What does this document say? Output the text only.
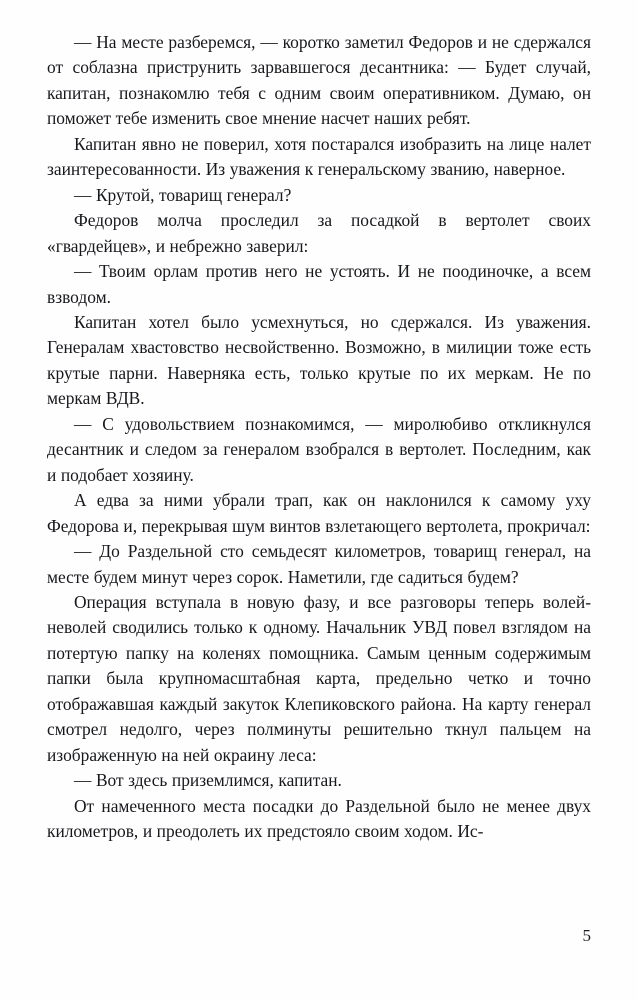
— На месте разберемся, — коротко заметил Федоров и не сдержался от соблазна приструнить зарвавшегося десантника: — Будет случай, капитан, познакомлю тебя с одним своим оперативником. Думаю, он поможет тебе изменить свое мнение насчет наших ребят.

Капитан явно не поверил, хотя постарался изобразить на лице налет заинтересованности. Из уважения к генеральскому званию, наверное.

— Крутой, товарищ генерал?

Федоров молча проследил за посадкой в вертолет своих «гвардейцев», и небрежно заверил:

— Твоим орлам против него не устоять. И не поодиночке, а всем взводом.

Капитан хотел было усмехнуться, но сдержался. Из уважения. Генералам хвастовство несвойственно. Возможно, в милиции тоже есть крутые парни. Наверняка есть, только крутые по их меркам. Не по меркам ВДВ.

— С удовольствием познакомимся, — миролюбиво откликнулся десантник и следом за генералом взобрался в вертолет. Последним, как и подобает хозяину.

А едва за ними убрали трап, как он наклонился к самому уху Федорова и, перекрывая шум винтов взлетающего вертолета, прокричал:

— До Раздельной сто семьдесят километров, товарищ генерал, на месте будем минут через сорок. Наметили, где садиться будем?

Операция вступала в новую фазу, и все разговоры теперь волей-неволей сводились только к одному. Начальник УВД повел взглядом на потертую папку на коленях помощника. Самым ценным содержимым папки была крупномасштабная карта, предельно четко и точно отображавшая каждый закуток Клепиковского района. На карту генерал смотрел недолго, через полминуты решительно ткнул пальцем на изображенную на ней окраину леса:

— Вот здесь приземлимся, капитан.

От намеченного места посадки до Раздельной было не менее двух километров, и преодолеть их предстояло своим ходом. Ис-

5
